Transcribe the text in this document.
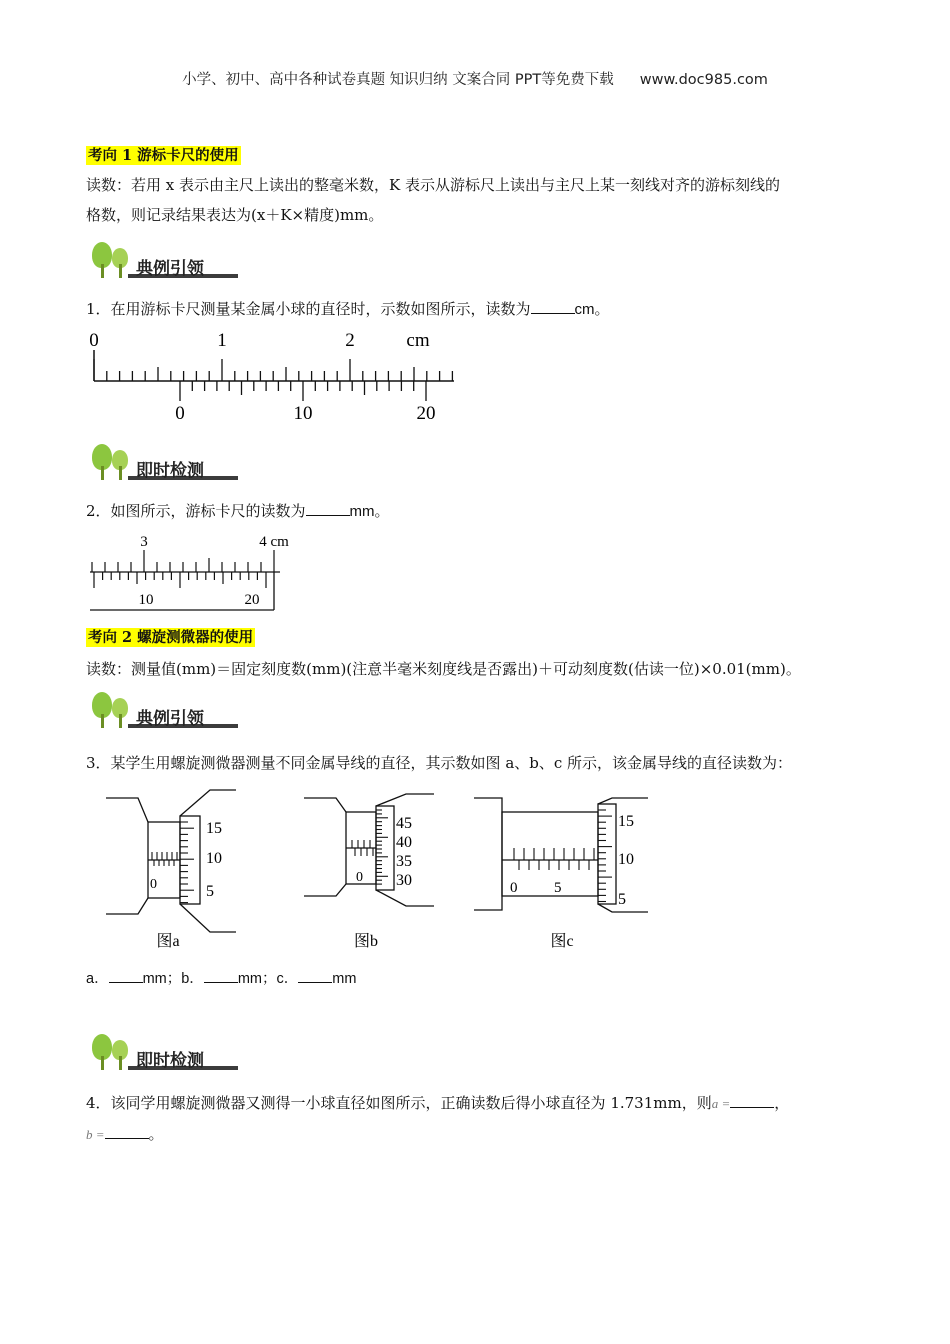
小学、初中、高中各种试卷真题 知识归纳 文案合同 PPT等免费下载 www.doc985.com
考向 1 游标卡尺的使用
读数：若用 x 表示由主尺上读出的整毫米数，K 表示从游标尺上读出与主尺上某一刻线对齐的游标刻线的
格数，则记录结果表达为(x＋K×精度)mm。
典例引领
1．在用游标卡尺测量某金属小球的直径时，示数如图所示，读数为	cm。
0	1	2	cm
0	10	20
即时检测
2．如图所示，游标卡尺的读数为	mm。
3	4 cm
10	20
考向 2 螺旋测微器的使用
读数：测量值(mm)＝固定刻度数(mm)(注意半毫米刻度线是否露出)＋可动刻度数(估读一位)×0.01(mm)。
典例引领
3．某学生用螺旋测微器测量不同金属导线的直径，其示数如图 a、b、c 所示，该金属导线的直径读数为：
0
15
10
5
图a
0
45
40
35
30
图b
0 5
15
10
5
图c
a． mm；b． mm；c． mm
即时检测
4．该同学用螺旋测微器又测得一小球直径如图所示，正确读数后得小球直径为 1.731mm，则a =	，
b =	。
